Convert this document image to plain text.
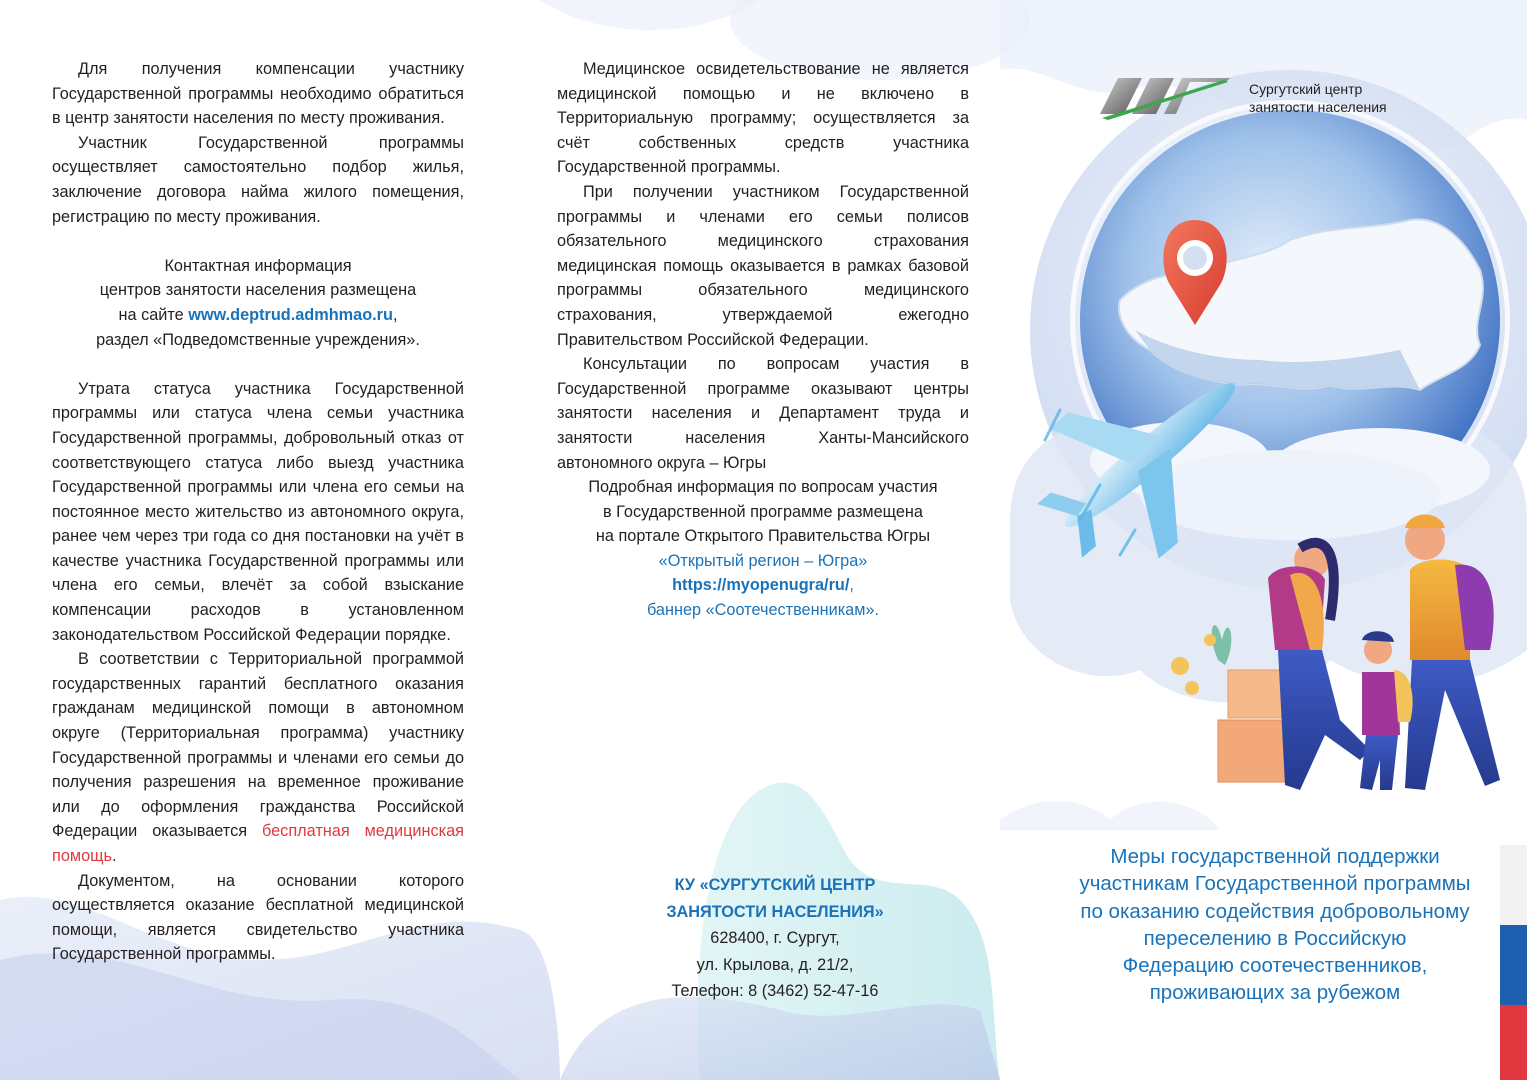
Для получения компенсации участнику Государственной программы необходимо обратиться в центр занятости населения по месту проживания.

Участник Государственной программы осуществляет самостоятельно подбор жилья, заключение договора найма жилого помещения, регистрацию по месту проживания.

Контактная информация

центров занятости населения размещена

на сайте www.deptrud.admhmao.ru,

раздел «Подведомственные учреждения».

Утрата статуса участника Государственной программы или статуса члена семьи участника Государственной программы, добровольный отказ от соответствующего статуса либо выезд участника Государственной программы или члена его семьи на постоянное место жительство из автономного округа, ранее чем через три года со дня постановки на учёт в качестве участника Государственной программы или члена его семьи, влечёт за собой взыскание компенсации расходов в установленном законодательством Российской Федерации порядке.

В соответствии с Территориальной программой государственных гарантий бесплатного оказания гражданам медицинской помощи в автономном округе (Территориальная программа) участнику Государственной программы и членами его семьи до получения разрешения на временное проживание или до оформления гражданства Российской Федерации оказывается бесплатная медицинская помощь.

Документом, на основании которого осуществляется оказание бесплатной медицинской помощи, является свидетельство участника Государственной программы.

Медицинское освидетельствование не является медицинской помощью и не включено в Территориальную программу; осуществляется за счёт собственных средств участника Государственной программы.

При получении участником Государственной программы и членами его семьи полисов обязательного медицинского страхования медицинская помощь оказывается в рамках базовой программы обязательного медицинского страхования, утверждаемой ежегодно Правительством Российской Федерации.

Консультации по вопросам участия в Государственной программе оказывают центры занятости населения и Департамент труда и занятости населения Ханты-Мансийского автономного округа – Югры

Подробная информация по вопросам участия

в Государственной программе размещена

на портале Открытого Правительства Югры

«Открытый регион – Югра»

https://myopenugra/ru/,

баннер «Соотечественникам».

КУ «СУРГУТСКИЙ ЦЕНТР
ЗАНЯТОСТИ НАСЕЛЕНИЯ»
628400, г. Сургут,
ул. Крылова, д. 21/2,
Телефон: 8 (3462) 52-47-16
Сургутский центр
занятости населения
Меры государственной поддержки
участникам Государственной программы
по оказанию содействия добровольному
переселению в Российскую
Федерацию соотечественников,
проживающих за рубежом
